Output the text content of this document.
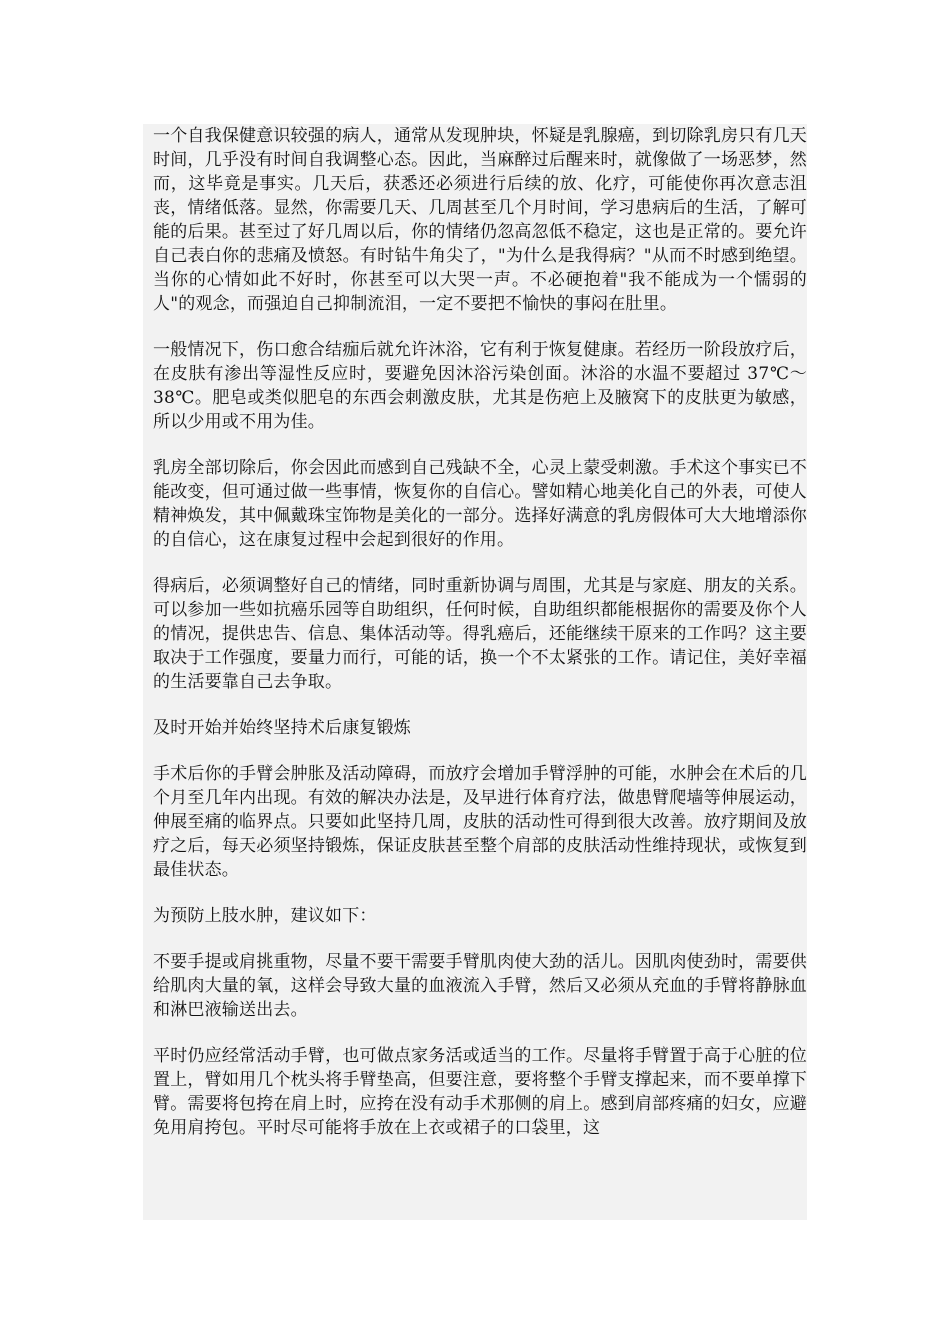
一个自我保健意识较强的病人，通常从发现肿块，怀疑是乳腺癌，到切除乳房只有几天时间，几乎没有时间自我调整心态。因此，当麻醉过后醒来时，就像做了一场恶梦，然而，这毕竟是事实。几天后，获悉还必须进行后续的放、化疗，可能使你再次意志沮丧，情绪低落。显然，你需要几天、几周甚至几个月时间，学习患病后的生活，了解可能的后果。甚至过了好几周以后，你的情绪仍忽高忽低不稳定，这也是正常的。要允许自己表白你的悲痛及愤怒。有时钻牛角尖了，"为什么是我得病？"从而不时感到绝望。当你的心情如此不好时，你甚至可以大哭一声。不必硬抱着"我不能成为一个懦弱的人"的观念，而强迫自己抑制流泪，一定不要把不愉快的事闷在肚里。

一般情况下，伤口愈合结痂后就允许沐浴，它有利于恢复健康。若经历一阶段放疗后，在皮肤有渗出等湿性反应时，要避免因沐浴污染创面。沐浴的水温不要超过 37℃～38℃。肥皂或类似肥皂的东西会刺激皮肤，尤其是伤疤上及腋窝下的皮肤更为敏感，所以少用或不用为佳。

乳房全部切除后，你会因此而感到自己残缺不全，心灵上蒙受刺激。手术这个事实已不能改变，但可通过做一些事情，恢复你的自信心。譬如精心地美化自己的外表，可使人精神焕发，其中佩戴珠宝饰物是美化的一部分。选择好满意的乳房假体可大大地增添你的自信心，这在康复过程中会起到很好的作用。

得病后，必须调整好自己的情绪，同时重新协调与周围，尤其是与家庭、朋友的关系。可以参加一些如抗癌乐园等自助组织，任何时候，自助组织都能根据你的需要及你个人的情况，提供忠告、信息、集体活动等。得乳癌后，还能继续干原来的工作吗？这主要取决于工作强度，要量力而行，可能的话，换一个不太紧张的工作。请记住，美好幸福的生活要靠自己去争取。

及时开始并始终坚持术后康复锻炼

手术后你的手臂会肿胀及活动障碍，而放疗会增加手臂浮肿的可能，水肿会在术后的几个月至几年内出现。有效的解决办法是，及早进行体育疗法，做患臂爬墙等伸展运动，伸展至痛的临界点。只要如此坚持几周，皮肤的活动性可得到很大改善。放疗期间及放疗之后，每天必须坚持锻炼，保证皮肤甚至整个肩部的皮肤活动性维持现状，或恢复到最佳状态。

为预防上肢水肿，建议如下：

不要手提或肩挑重物，尽量不要干需要手臂肌肉使大劲的活儿。因肌肉使劲时，需要供给肌肉大量的氧，这样会导致大量的血液流入手臂，然后又必须从充血的手臂将静脉血和淋巴液输送出去。

平时仍应经常活动手臂，也可做点家务活或适当的工作。尽量将手臂置于高于心脏的位置上，臂如用几个枕头将手臂垫高，但要注意，要将整个手臂支撑起来，而不要单撑下臂。需要将包挎在肩上时，应挎在没有动手术那侧的肩上。感到肩部疼痛的妇女，应避免用肩挎包。平时尽可能将手放在上衣或裙子的口袋里，这
